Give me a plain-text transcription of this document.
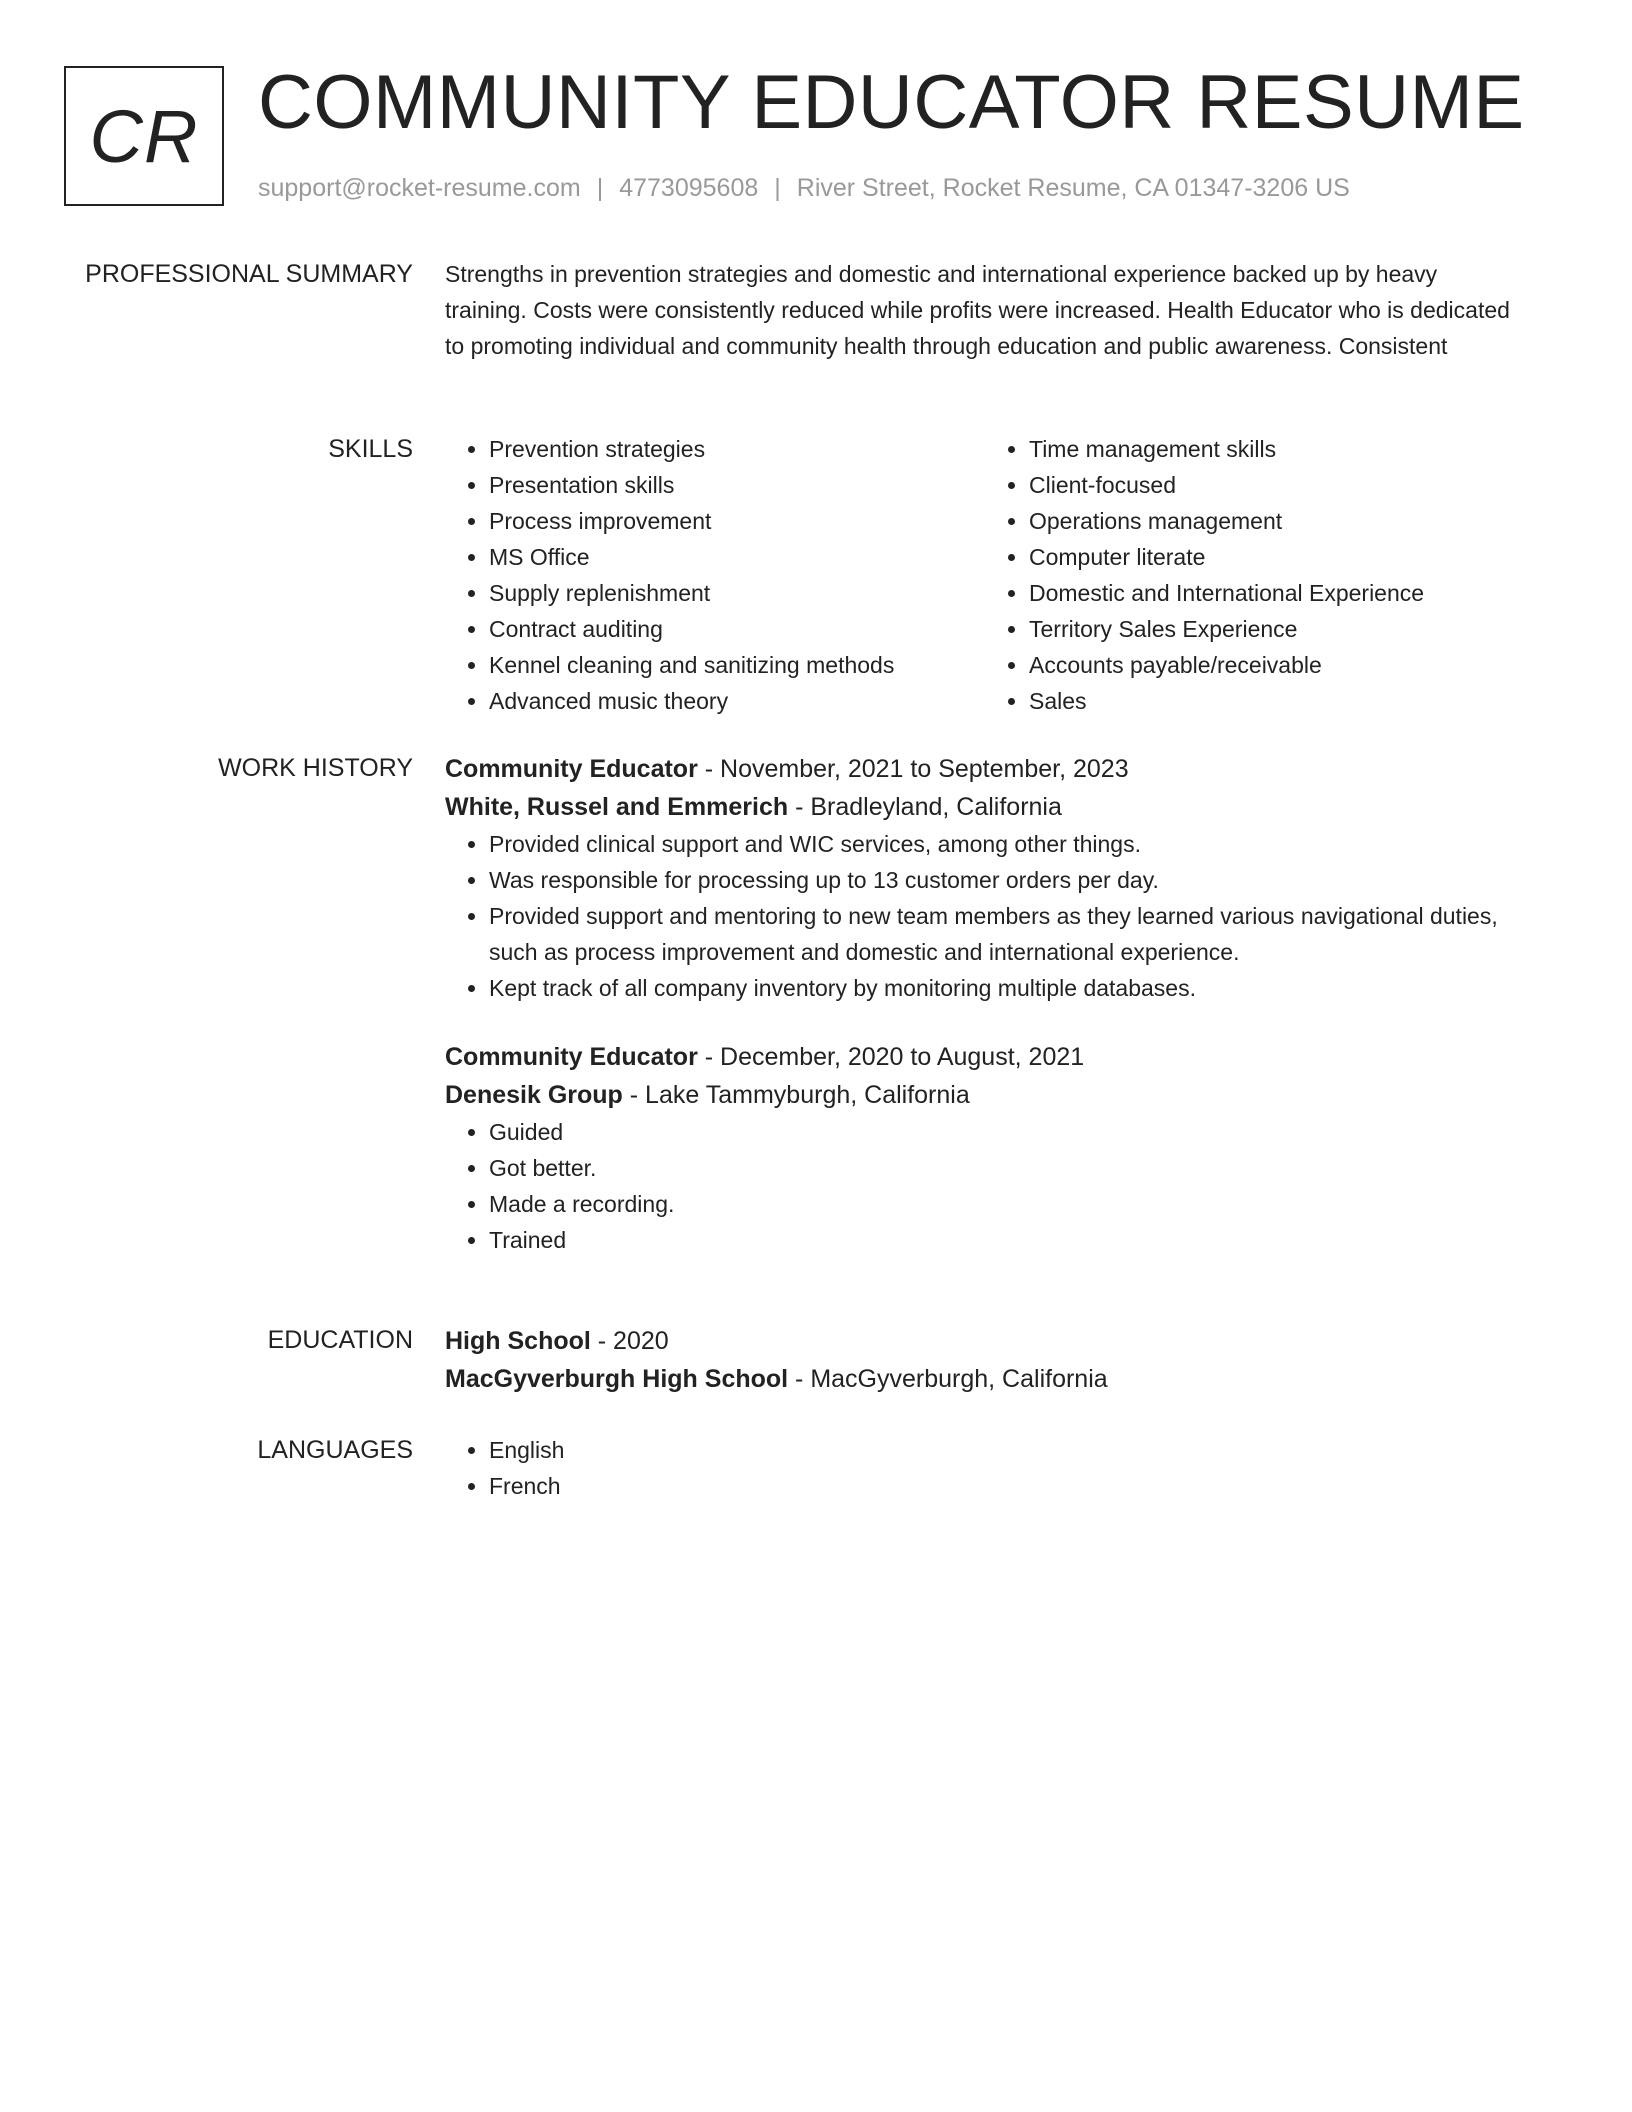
CR COMMUNITY EDUCATOR RESUME
support@rocket-resume.com | 4773095608 | River Street, Rocket Resume, CA 01347-3206 US
PROFESSIONAL SUMMARY Strengths in prevention strategies and domestic and international experience backed up by heavy training. Costs were consistently reduced while profits were increased. Health Educator who is dedicated to promoting individual and community health through education and public awareness. Consistent

SKILLS	• Prevention strategies
• Presentation skills
• Process improvement
• MS Office
• Supply replenishment
• Contract auditing
• Kennel cleaning and sanitizing methods
• Advanced music theory
• Time management skills
• Client-focused
• Operations management
• Computer literate
• Domestic and International Experience
• Territory Sales Experience
• Accounts payable/receivable
• Sales
WORK HISTORY Community Educator - November, 2021 to September, 2023

White, Russel and Emmerich - Bradleyland, California

• Provided clinical support and WIC services, among other things.
• Was responsible for processing up to 13 customer orders per day.
• Provided support and mentoring to new team members as they learned various navigational duties, such as process improvement and domestic and international experience.
• Kept track of all company inventory by monitoring multiple databases.

Community Educator - December, 2020 to August, 2021

Denesik Group - Lake Tammyburgh, California

• Guided
• Got better.
• Made a recording.
• Trained
EDUCATION High School - 2020

MacGyverburgh High School - MacGyverburgh, California

LANGUAGES	• English
• French
